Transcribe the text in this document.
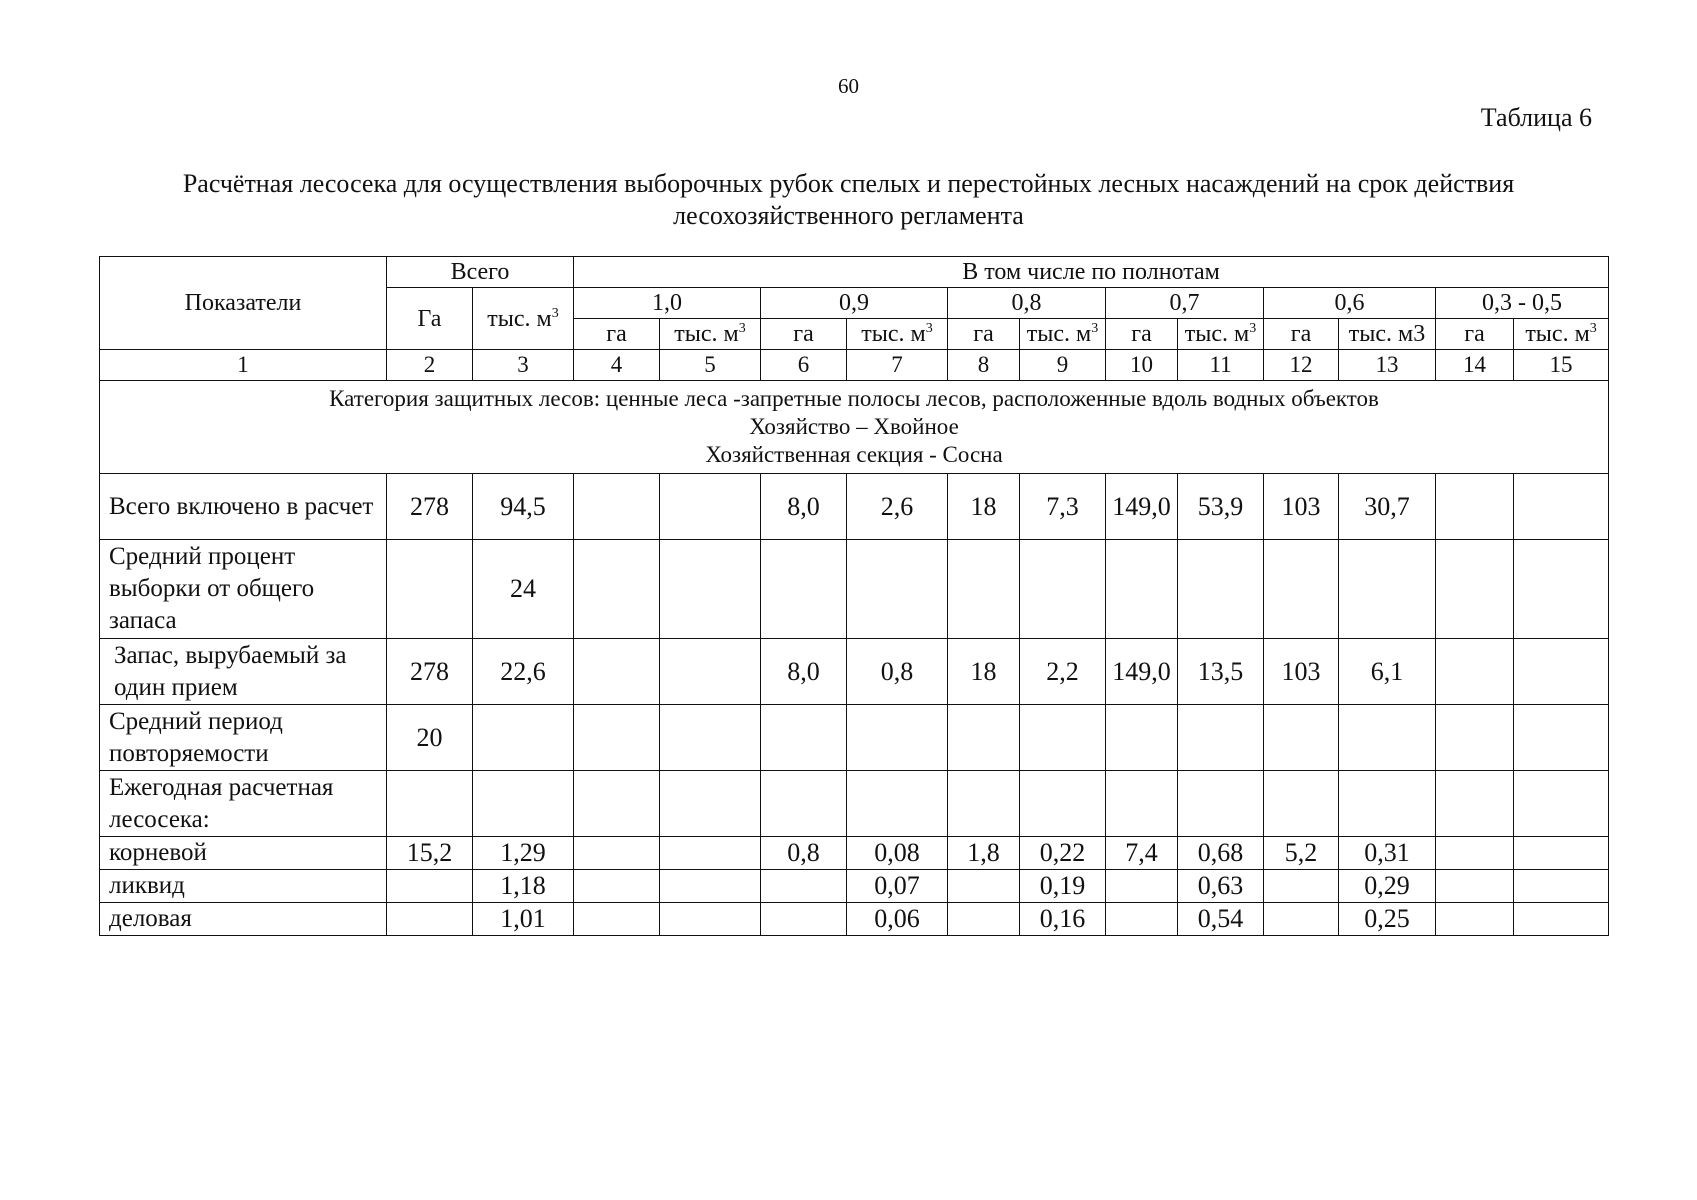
60
Таблица 6
Расчётная лесосека для осуществления выборочных рубок спелых и перестойных лесных насаждений на срок действия
лесохозяйственного регламента
Показатели	Всего		В том числе по полнотам											
	Га	тыс. $м^3$	1,0		0,9		0,8		0,7		0,6		0,3 - 0,5	
			га	тыс. $м^3$	га	тыс. $м^3$	га	тыс. $м^3$	га	тыс. $м^3$	га	тыс. м3	га	тыс. $м^3$
1	2	3	4	5	6	7	8	9	10	11	12	13	14	15

Категория защитных лесов: ценные леса -запретные полосы лесов, расположенные вдоль водных объектов
Хозяйство – Хвойное
Хозяйственная секция - Сосна														

Всего включено в расчет	278	94,5			8,0	2,6	18	7,3	149,0	53,9	103	30,7		
Средний процент выборки от общего запаса		24												
Запас, вырубаемый за один прием	278	22,6			8,0	0,8	18	2,2	149,0	13,5	103	6,1		
Средний период повторяемости	20													
Ежегодная расчетная лесосека:														
корневой	15,2	1,29			0,8	0,08	1,8	0,22	7,4	0,68	5,2	0,31		
ликвид		1,18				0,07		0,19		0,63		0,29		
деловая		1,01				0,06		0,16		0,54		0,25		
